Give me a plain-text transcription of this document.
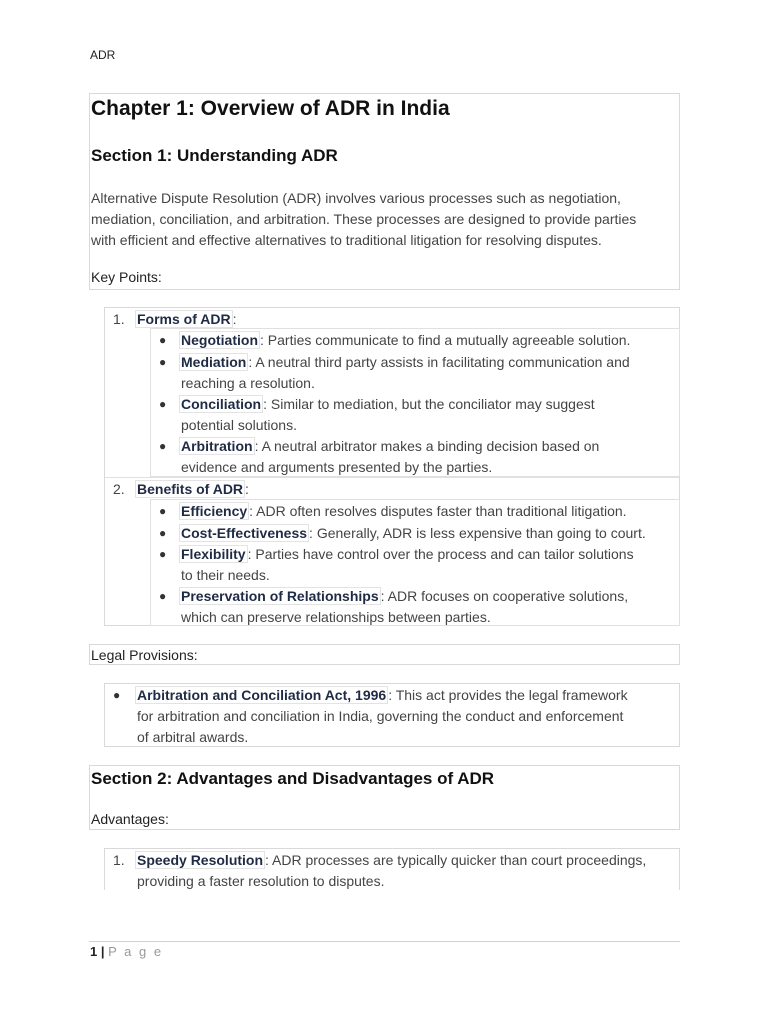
ADR
Chapter 1: Overview of ADR in India
Section 1: Understanding ADR
Alternative Dispute Resolution (ADR) involves various processes such as negotiation,
mediation, conciliation, and arbitration. These processes are designed to provide parties
with efficient and effective alternatives to traditional litigation for resolving disputes.
Key Points:
1. Forms of ADR :
● Negotiation : Parties communicate to find a mutually agreeable solution.
● Mediation : A neutral third party assists in facilitating communication and
reaching a resolution.
● Conciliation : Similar to mediation, but the conciliator may suggest
potential solutions.
● Arbitration : A neutral arbitrator makes a binding decision based on
evidence and arguments presented by the parties.
2. Benefits of ADR :
● Efficiency : ADR often resolves disputes faster than traditional litigation.
● Cost-Effectiveness : Generally, ADR is less expensive than going to court.
● Flexibility : Parties have control over the process and can tailor solutions
to their needs.
● Preservation of Relationships : ADR focuses on cooperative solutions,
which can preserve relationships between parties.
Legal Provisions:
● Arbitration and Conciliation Act, 1996 : This act provides the legal framework
for arbitration and conciliation in India, governing the conduct and enforcement
of arbitral awards.
Section 2: Advantages and Disadvantages of ADR
Advantages:
1. Speedy Resolution : ADR processes are typically quicker than court proceedings,
providing a faster resolution to disputes.
1 | P a g e
